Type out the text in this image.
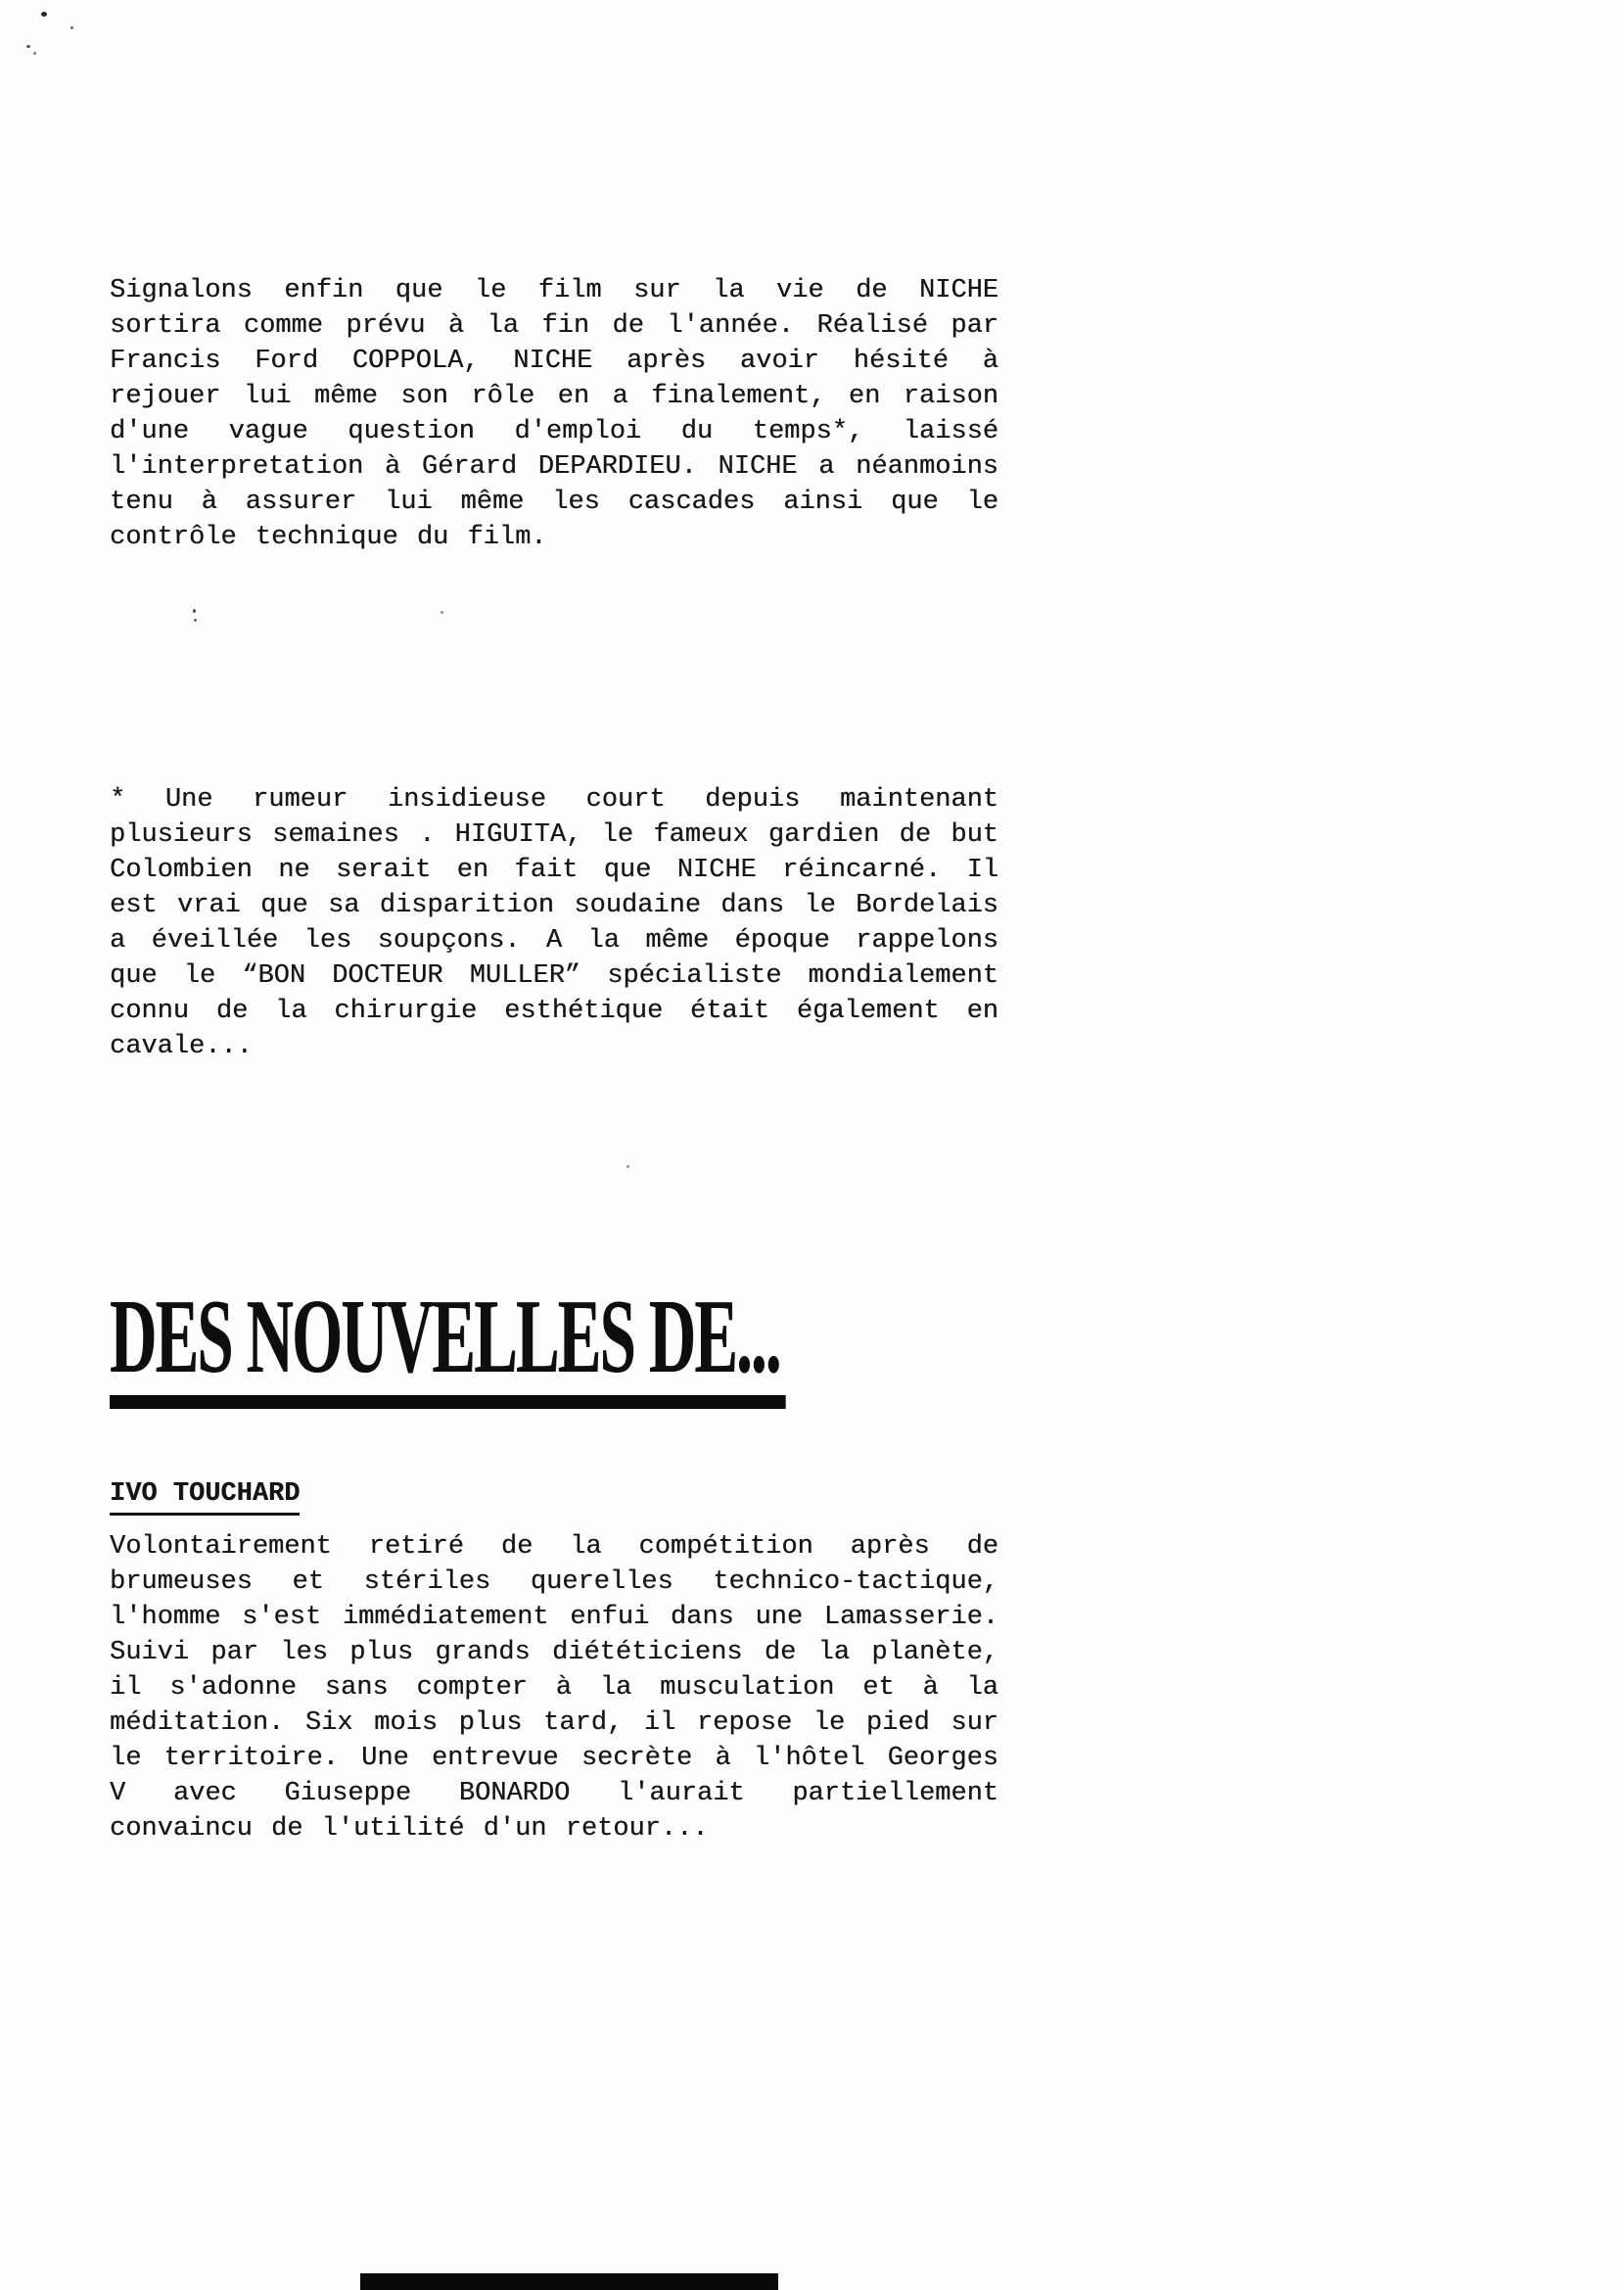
Signalons enfin que le film sur la vie de NICHE sortira comme prévu à la fin de l'année. Réalisé par Francis Ford COPPOLA, NICHE après avoir hésité à rejouer lui même son rôle en a finalement, en raison d'une vague question d'emploi du temps*, laissé l'interpretation à Gérard DEPARDIEU. NICHE a néanmoins tenu à assurer lui même les cascades ainsi que le contrôle technique du film.

* Une rumeur insidieuse court depuis maintenant plusieurs semaines . HIGUITA, le fameux gardien de but Colombien ne serait en fait que NICHE réincarné. Il est vrai que sa disparition soudaine dans le Bordelais a éveillée les soupçons. A la même époque rappelons que le “BON DOCTEUR MULLER” spécialiste mondialement connu de la chirurgie esthétique était également en cavale...

DES NOUVELLES DE...
IVO TOUCHARD

Volontairement retiré de la compétition après de brumeuses et stériles querelles technico-tactique, l'homme s'est immédiatement enfui dans une Lamasserie. Suivi par les plus grands diététiciens de la planète, il s'adonne sans compter à la musculation et à la méditation. Six mois plus tard, il repose le pied sur le territoire. Une entrevue secrète à l'hôtel Georges V avec Giuseppe BONARDO l'aurait partiellement convaincu de l'utilité d'un retour...
